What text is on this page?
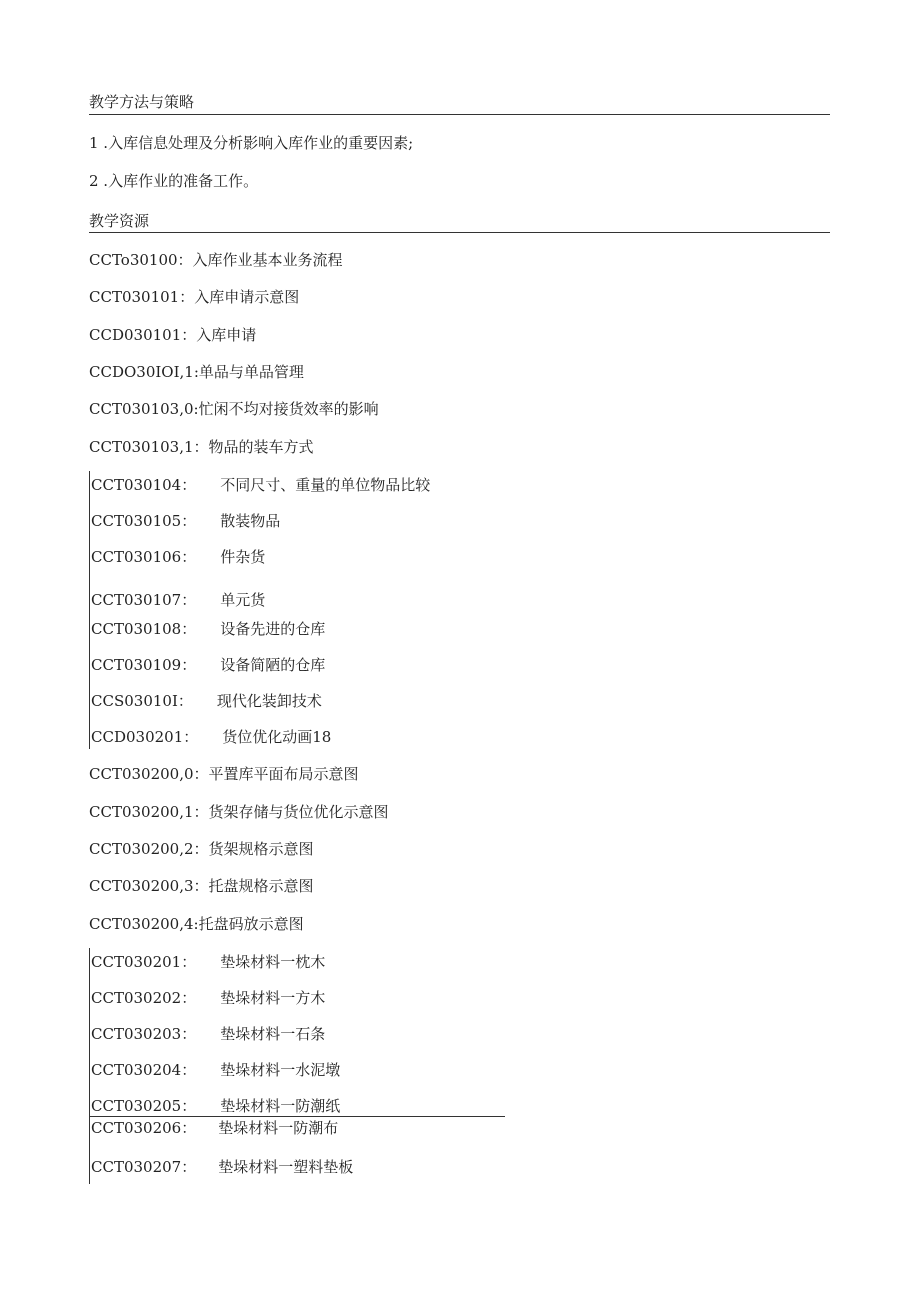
教学方法与策略
1 .入库信息处理及分析影响入库作业的重要因素;
2 .入库作业的准备工作。
教学资源
CCTo30100：入库作业基本业务流程
CCT030101：入库申请示意图
CCD030101：入库申请
CCDO30IOI,1:单品与单品管理
CCT030103,0:忙闲不均对接货效率的影响
CCT030103,1：物品的装车方式
CCT030104： 不同尺寸、重量的单位物品比较
CCT030105： 散装物品
CCT030106： 件杂货
CCT030107： 单元货
CCT030108： 设备先进的仓库
CCT030109： 设备简陋的仓库
CCS03010I： 现代化装卸技术
CCD030201： 货位优化动画18
CCT030200,0：平置库平面布局示意图
CCT030200,1：货架存储与货位优化示意图
CCT030200,2：货架规格示意图
CCT030200,3：托盘规格示意图
CCT030200,4:托盘码放示意图
CCT030201： 垫垛材料一枕木
CCT030202： 垫垛材料一方木
CCT030203： 垫垛材料一石条
CCT030204： 垫垛材料一水泥墩
CCT030205： 垫垛材料一防潮纸
CCT030206： 垫垛材料一防潮布
CCT030207： 垫垛材料一塑料垫板
